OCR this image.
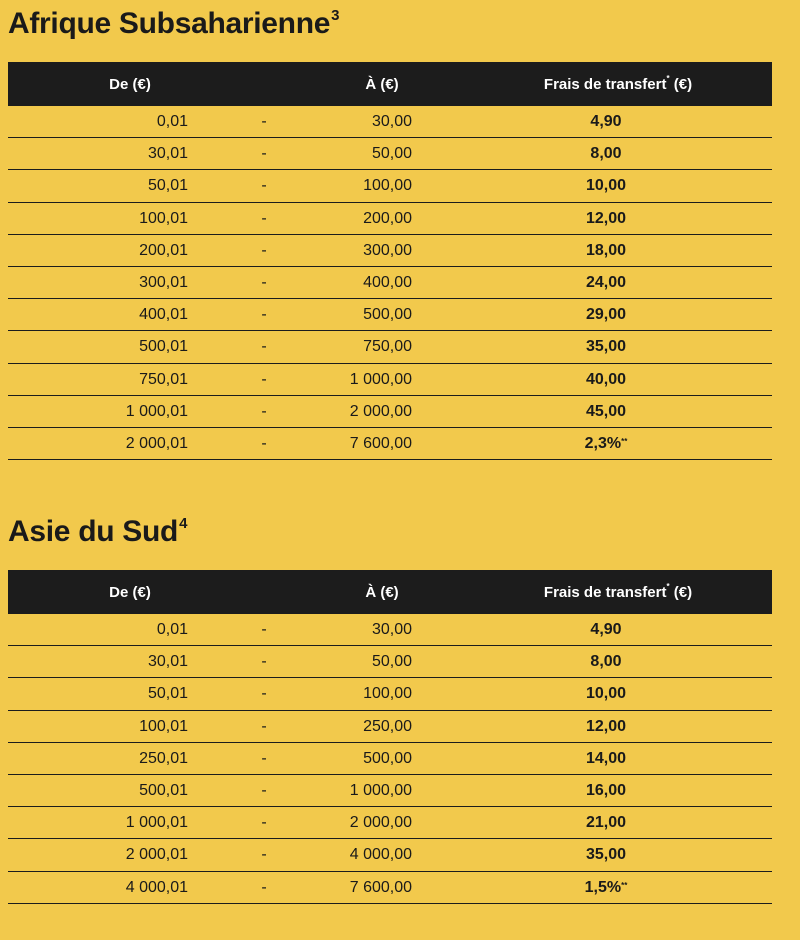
Afrique Subsaharienne$^3$
De (€)	À (€)	Frais de transfert* (€)
0,01	-	30,00	4,90
30,01	-	50,00	8,00
50,01	-	100,00	10,00
100,01	-	200,00	12,00
200,01	-	300,00	18,00
300,01	-	400,00	24,00
400,01	-	500,00	29,00
500,01	-	750,00	35,00
750,01	-	1 000,00	40,00
1 000,01	-	2 000,00	45,00
2 000,01	-	7 600,00	2,3%**
Asie du Sud$^4$
De (€)	À (€)	Frais de transfert* (€)
0,01	-	30,00	4,90
30,01	-	50,00	8,00
50,01	-	100,00	10,00
100,01	-	250,00	12,00
250,01	-	500,00	14,00
500,01	-	1 000,00	16,00
1 000,01	-	2 000,00	21,00
2 000,01	-	4 000,00	35,00
4 000,01	-	7 600,00	1,5%**
